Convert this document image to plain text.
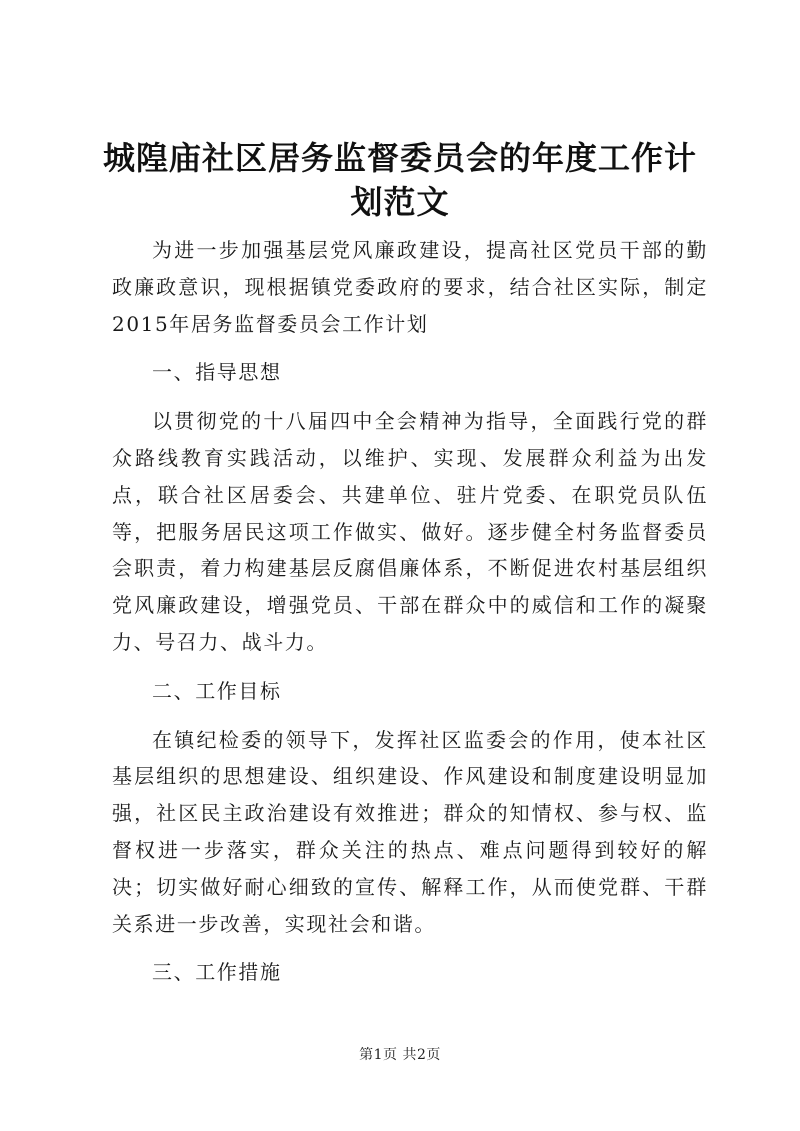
城隍庙社区居务监督委员会的年度工作计划范文

为进一步加强基层党风廉政建设，提高社区党员干部的勤政廉政意识，现根据镇党委政府的要求，结合社区实际，制定2015年居务监督委员会工作计划

一、指导思想

以贯彻党的十八届四中全会精神为指导，全面践行党的群众路线教育实践活动，以维护、实现、发展群众利益为出发点，联合社区居委会、共建单位、驻片党委、在职党员队伍等，把服务居民这项工作做实、做好。逐步健全村务监督委员会职责，着力构建基层反腐倡廉体系，不断促进农村基层组织党风廉政建设，增强党员、干部在群众中的威信和工作的凝聚力、号召力、战斗力。

二、工作目标

在镇纪检委的领导下，发挥社区监委会的作用，使本社区基层组织的思想建设、组织建设、作风建设和制度建设明显加强，社区民主政治建设有效推进；群众的知情权、参与权、监督权进一步落实，群众关注的热点、难点问题得到较好的解决；切实做好耐心细致的宣传、解释工作，从而使党群、干群关系进一步改善，实现社会和谐。

三、工作措施

第1页 共2页
